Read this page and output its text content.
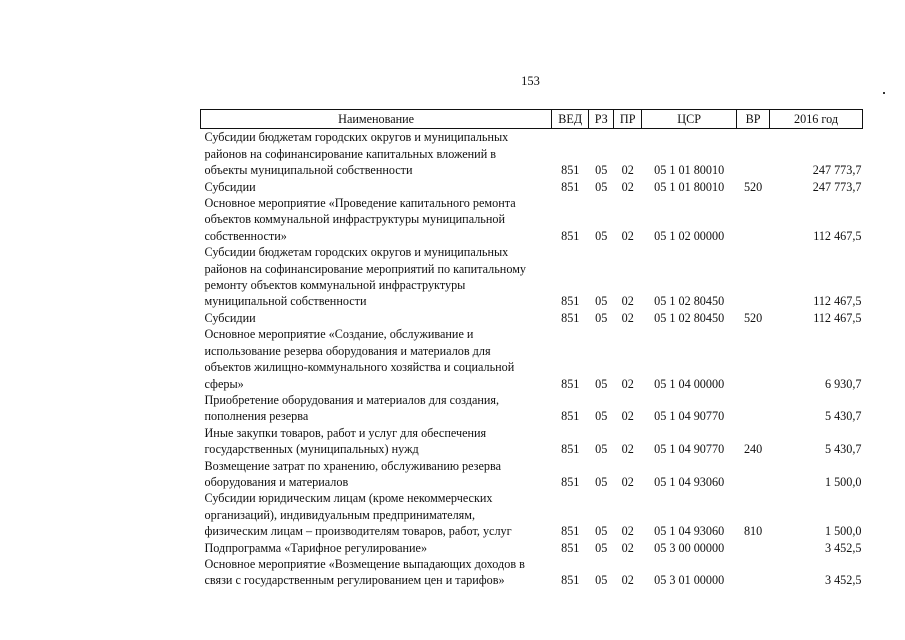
153
Наименование	ВЕД	РЗ	ПР	ЦСР	ВР	2016 год

Субсидии бюджетам городских округов и муниципальных
районов на софинансирование капитальных вложений в
объекты муниципальной собственности	851	05	02	05 1 01 80010		247 773,7

Субсидии	851	05	02	05 1 01 80010	520	247 773,7

Основное мероприятие «Проведение капитального ремонта
объектов коммунальной инфраструктуры муниципальной
собственности»	851	05	02	05 1 02 00000		112 467,5

Субсидии бюджетам городских округов и муниципальных
районов на софинансирование мероприятий по капитальному
ремонту объектов коммунальной инфраструктуры
муниципальной собственности	851	05	02	05 1 02 80450		112 467,5

Субсидии	851	05	02	05 1 02 80450	520	112 467,5

Основное мероприятие «Создание, обслуживание и
использование резерва оборудования и материалов для
объектов жилищно-коммунального хозяйства и социальной
сферы»	851	05	02	05 1 04 00000		6 930,7

Приобретение оборудования и материалов для создания,
пополнения резерва	851	05	02	05 1 04 90770		5 430,7

Иные закупки товаров, работ и услуг для обеспечения
государственных (муниципальных) нужд	851	05	02	05 1 04 90770	240	5 430,7

Возмещение затрат по хранению, обслуживанию резерва
оборудования и материалов	851	05	02	05 1 04 93060		1 500,0

Субсидии юридическим лицам (кроме некоммерческих
организаций), индивидуальным предпринимателям,
физическим лицам – производителям товаров, работ, услуг	851	05	02	05 1 04 93060	810	1 500,0

Подпрограмма «Тарифное регулирование»	851	05	02	05 3 00 00000		3 452,5

Основное мероприятие «Возмещение выпадающих доходов в
связи с государственным регулированием цен и тарифов»	851	05	02	05 3 01 00000		3 452,5
